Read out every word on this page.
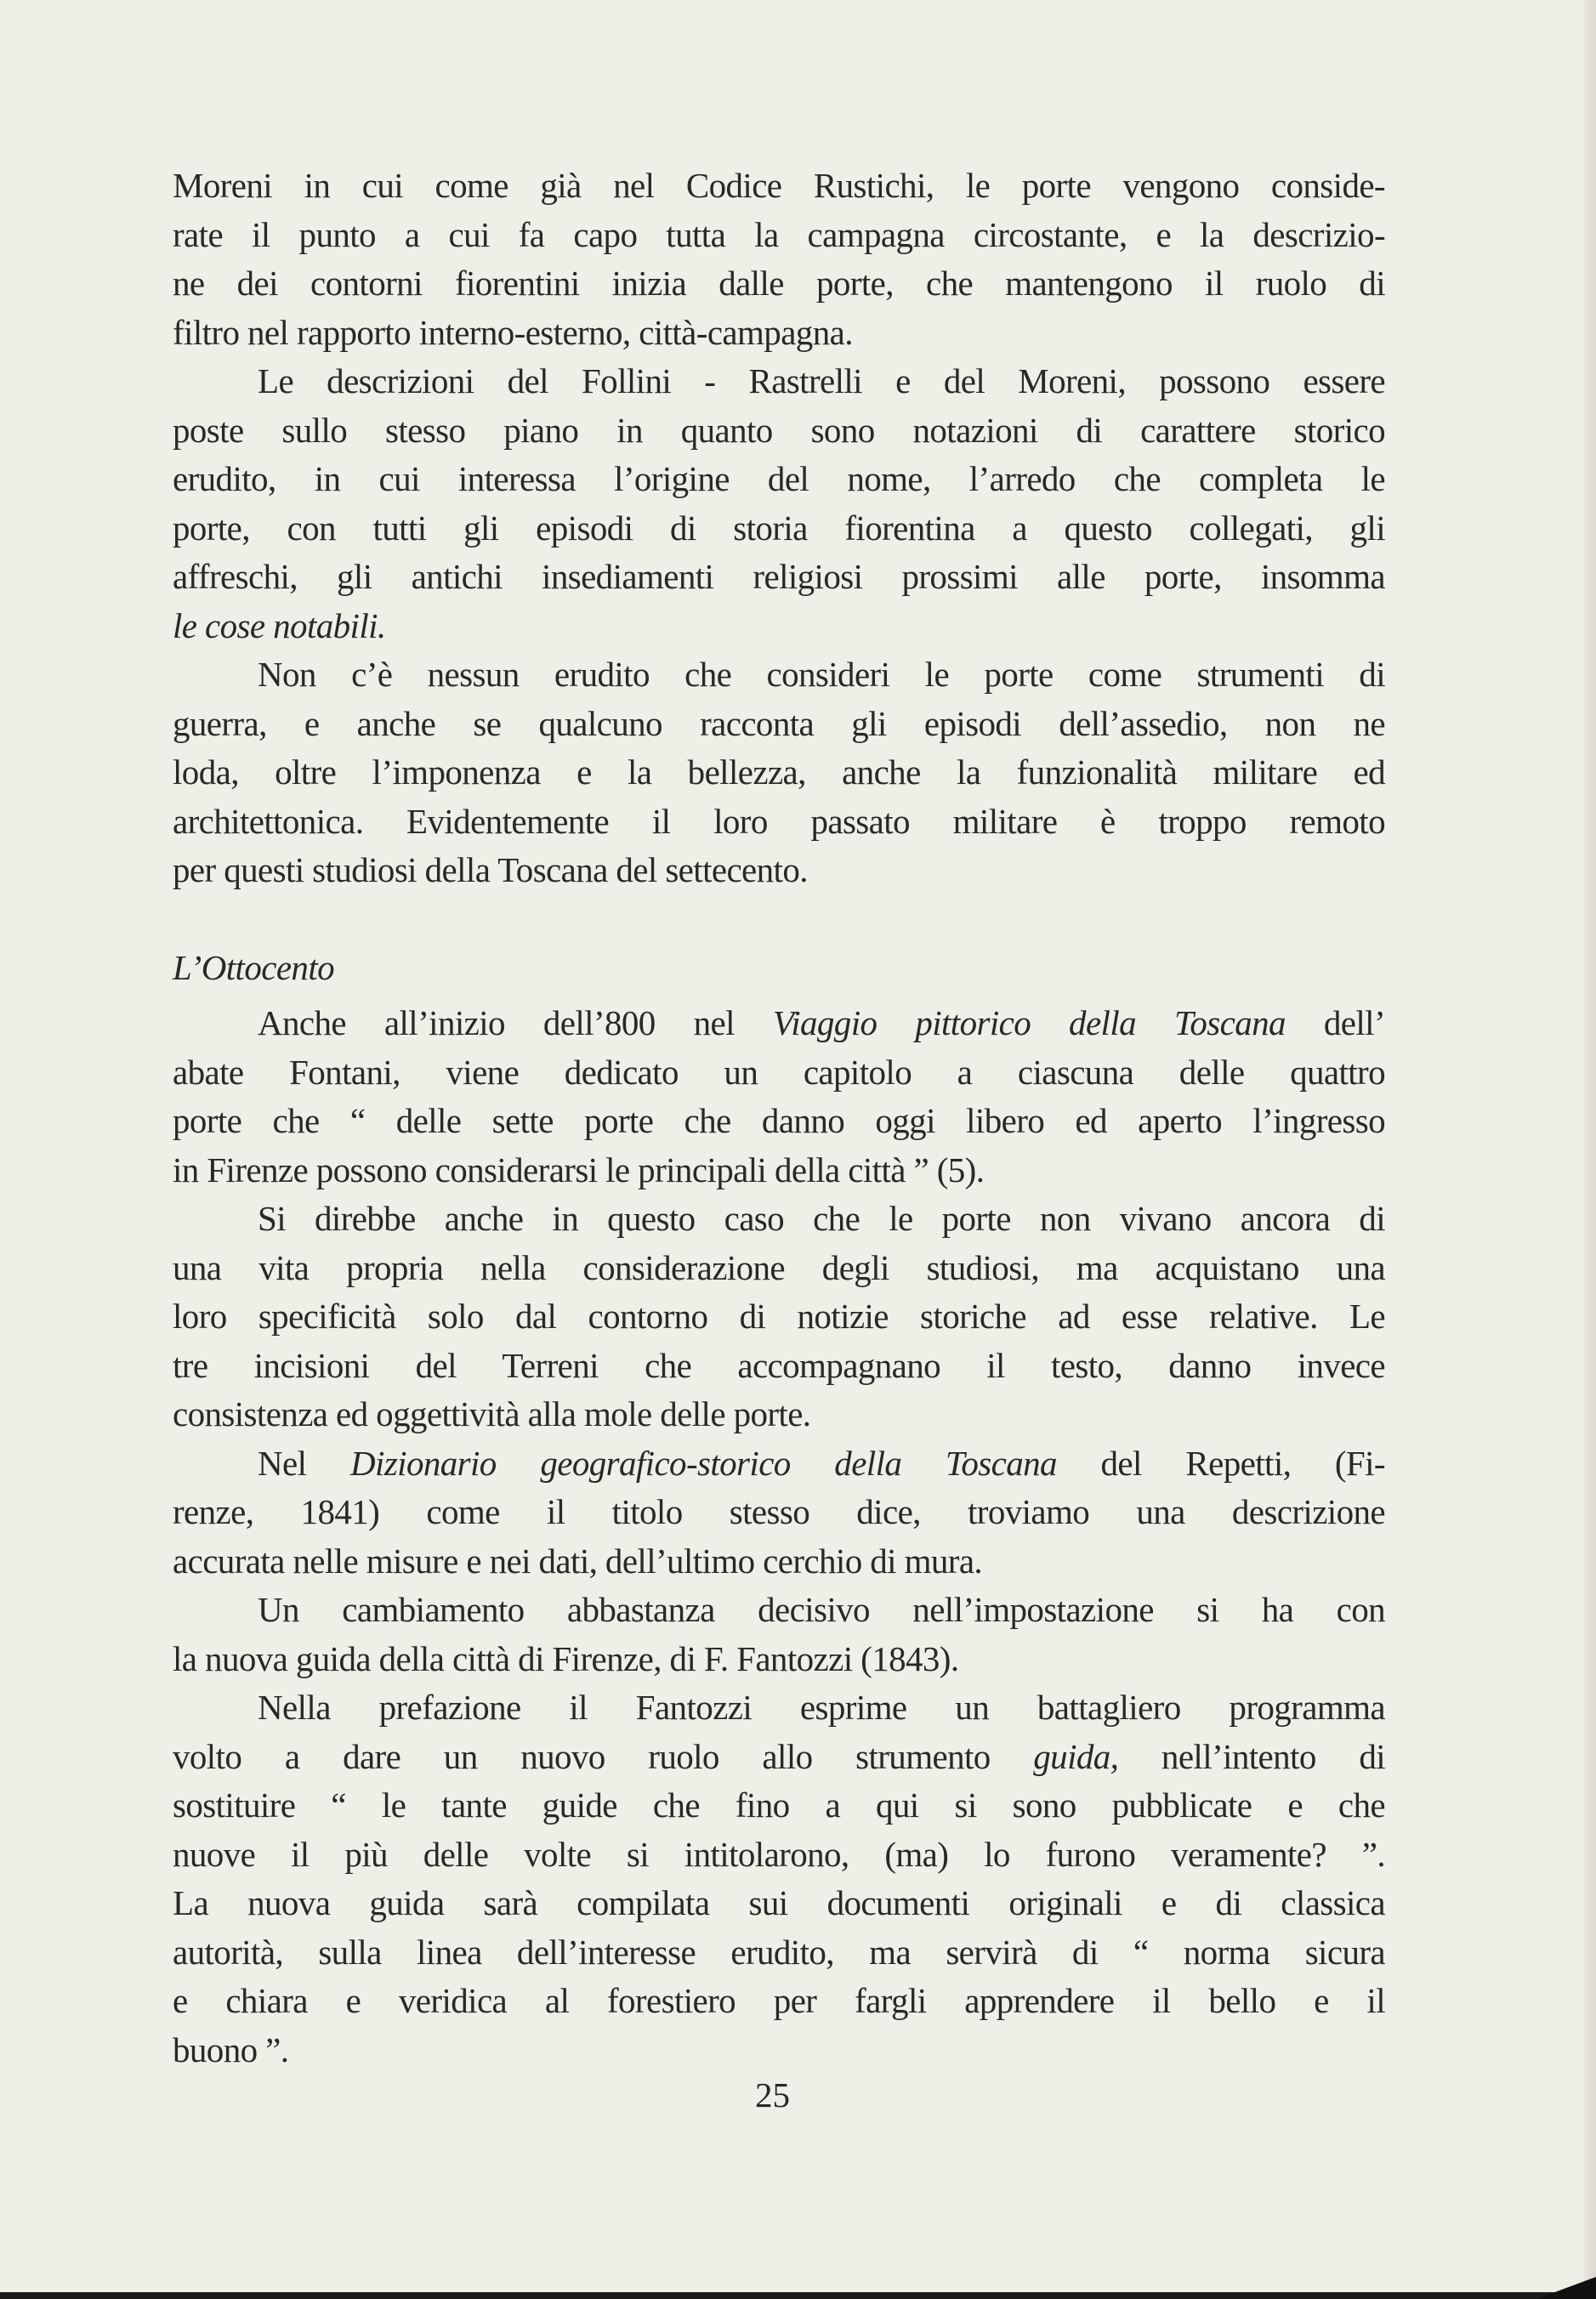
Moreni in cui come già nel Codice Rustichi, le porte vengono conside-
rate il punto a cui fa capo tutta la campagna circostante, e la descrizio-
ne dei contorni fiorentini inizia dalle porte, che mantengono il ruolo di
filtro nel rapporto interno-esterno, città-campagna.
Le descrizioni del Follini - Rastrelli e del Moreni, possono essere
poste sullo stesso piano in quanto sono notazioni di carattere storico
erudito, in cui interessa l’origine del nome, l’arredo che completa le
porte, con tutti gli episodi di storia fiorentina a questo collegati, gli
affreschi, gli antichi insediamenti religiosi prossimi alle porte, insomma
le cose notabili.
Non c’è nessun erudito che consideri le porte come strumenti di
guerra, e anche se qualcuno racconta gli episodi dell’assedio, non ne
loda, oltre l’imponenza e la bellezza, anche la funzionalità militare ed
architettonica. Evidentemente il loro passato militare è troppo remoto
per questi studiosi della Toscana del settecento.
L’Ottocento
Anche all’inizio dell’800 nel Viaggio pittorico della Toscana dell’
abate Fontani, viene dedicato un capitolo a ciascuna delle quattro
porte che “ delle sette porte che danno oggi libero ed aperto l’ingresso
in Firenze possono considerarsi le principali della città ” (5).
Si direbbe anche in questo caso che le porte non vivano ancora di
una vita propria nella considerazione degli studiosi, ma acquistano una
loro specificità solo dal contorno di notizie storiche ad esse relative. Le
tre incisioni del Terreni che accompagnano il testo, danno invece
consistenza ed oggettività alla mole delle porte.
Nel Dizionario geografico-storico della Toscana del Repetti, (Fi-
renze, 1841) come il titolo stesso dice, troviamo una descrizione
accurata nelle misure e nei dati, dell’ultimo cerchio di mura.
Un cambiamento abbastanza decisivo nell’impostazione si ha con
la nuova guida della città di Firenze, di F. Fantozzi (1843).
Nella prefazione il Fantozzi esprime un battagliero programma
volto a dare un nuovo ruolo allo strumento guida, nell’intento di
sostituire “ le tante guide che fino a qui si sono pubblicate e che
nuove il più delle volte si intitolarono, (ma) lo furono veramente? ”.
La nuova guida sarà compilata sui documenti originali e di classica
autorità, sulla linea dell’interesse erudito, ma servirà di “ norma sicura
e chiara e veridica al forestiero per fargli apprendere il bello e il
buono ”.
25
